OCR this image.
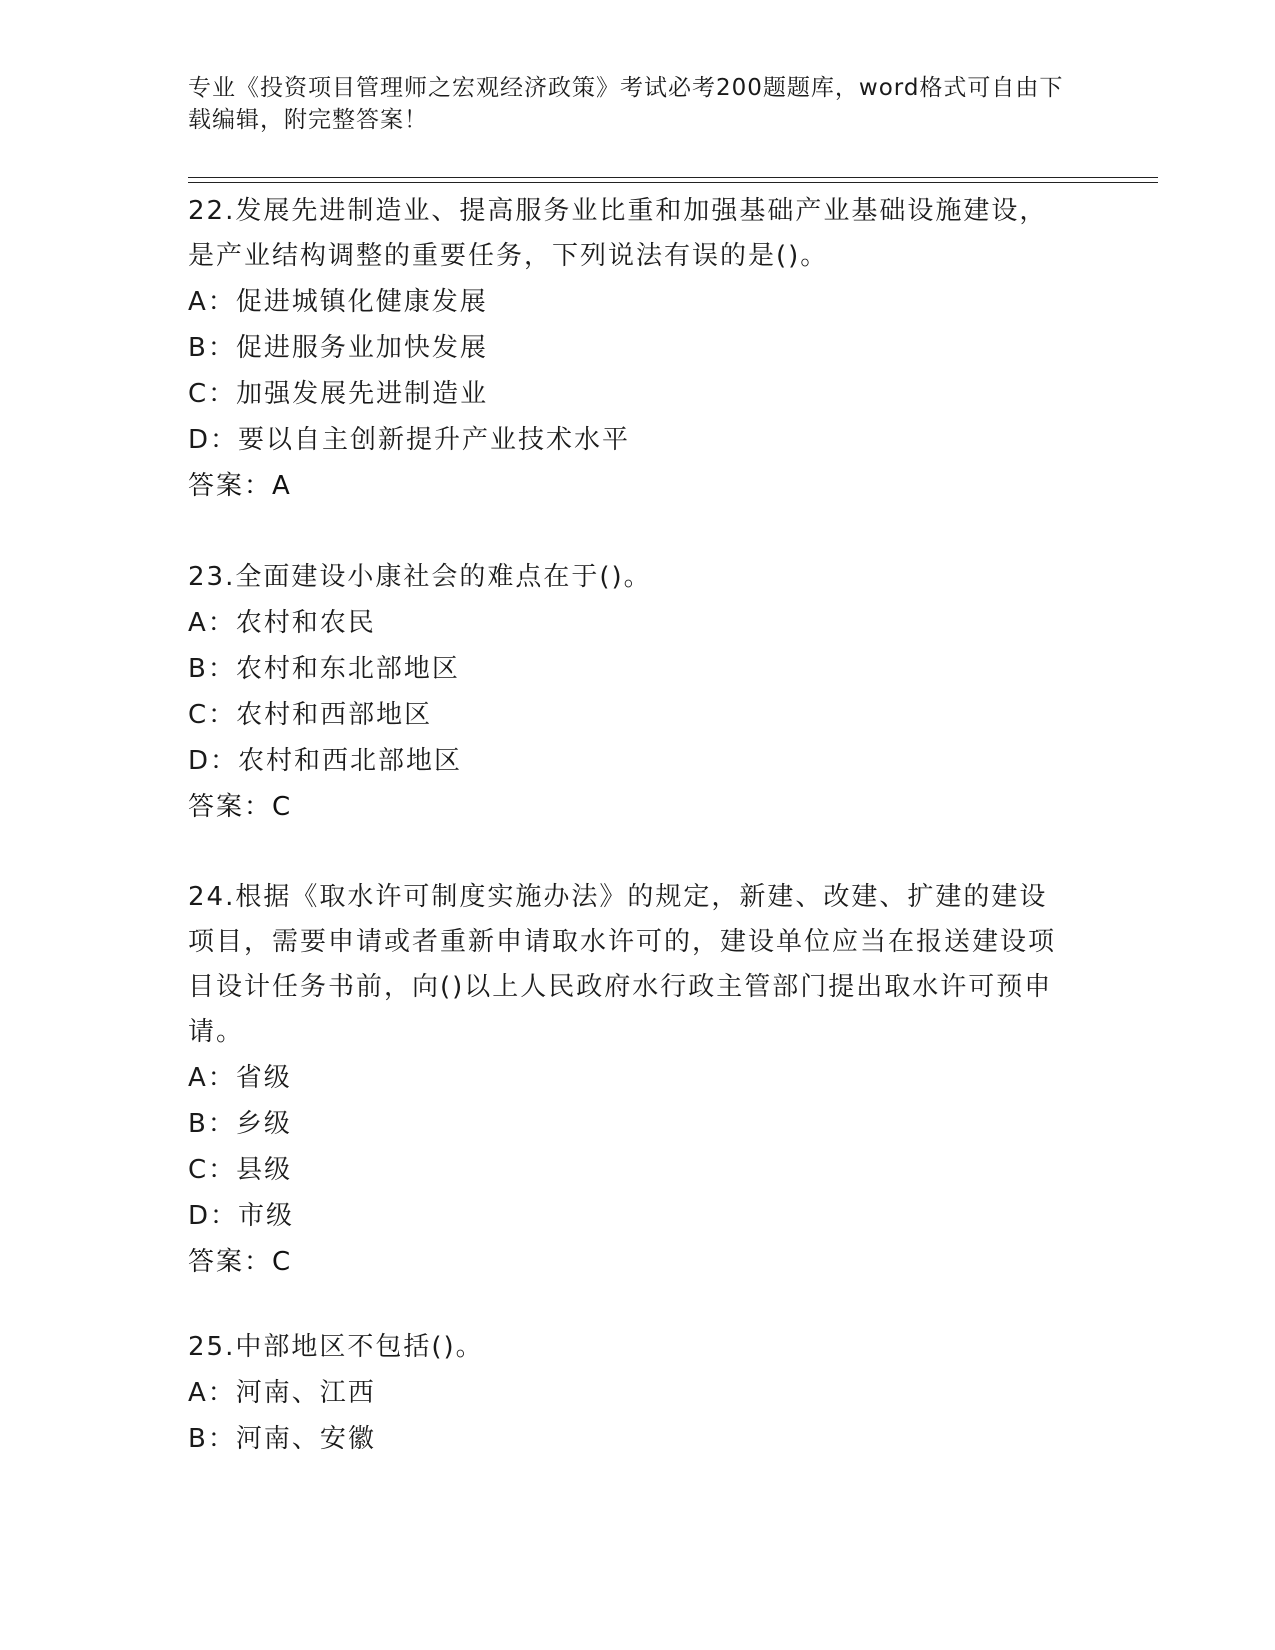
专业《投资项目管理师之宏观经济政策》考试必考200题题库，word格式可自由下载编辑，附完整答案！
22.发展先进制造业、提高服务业比重和加强基础产业基础设施建设，是产业结构调整的重要任务，下列说法有误的是()。
A：促进城镇化健康发展
B：促进服务业加快发展
C：加强发展先进制造业
D：要以自主创新提升产业技术水平
答案：A
23.全面建设小康社会的难点在于()。
A：农村和农民
B：农村和东北部地区
C：农村和西部地区
D：农村和西北部地区
答案：C
24.根据《取水许可制度实施办法》的规定，新建、改建、扩建的建设项目，需要申请或者重新申请取水许可的，建设单位应当在报送建设项目设计任务书前，向()以上人民政府水行政主管部门提出取水许可预申请。
A：省级
B：乡级
C：县级
D：市级
答案：C
25.中部地区不包括()。
A：河南、江西
B：河南、安徽
